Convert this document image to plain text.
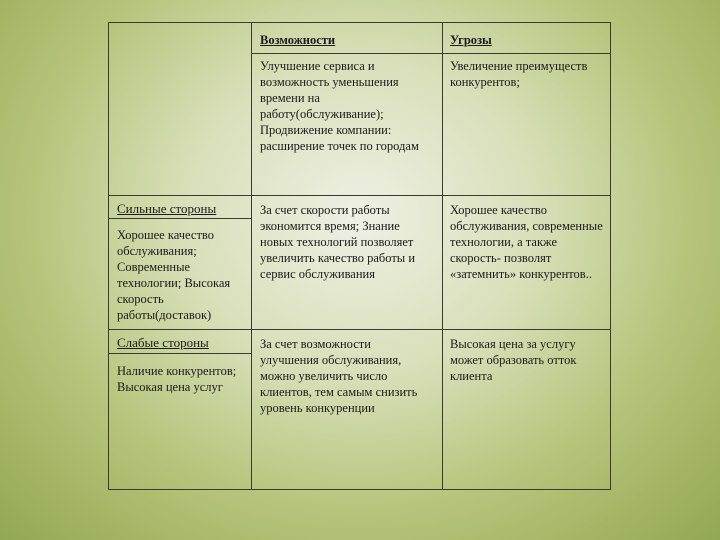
Возможности	Угрозы
Улучшение сервиса и возможность уменьшения времени на работу(обслуживание); Продвижение компании: расширение точек по городам
Увеличение преимуществ конкурентов;
Сильные стороны
Хорошее качество обслуживания; Современные технологии; Высокая скорость работы(доставок)
За счет скорости работы экономится время; Знание новых технологий позволяет увеличить качество работы и сервис обслуживания
Хорошее качество обслуживания, современные технологии, а также скорость- позволят «затемнить» конкурентов..
Слабые стороны
Наличие конкурентов; Высокая цена услуг
За счет возможности улучшения обслуживания, можно увеличить число клиентов, тем самым снизить уровень конкуренции
Высокая цена за услугу может образовать отток клиента
